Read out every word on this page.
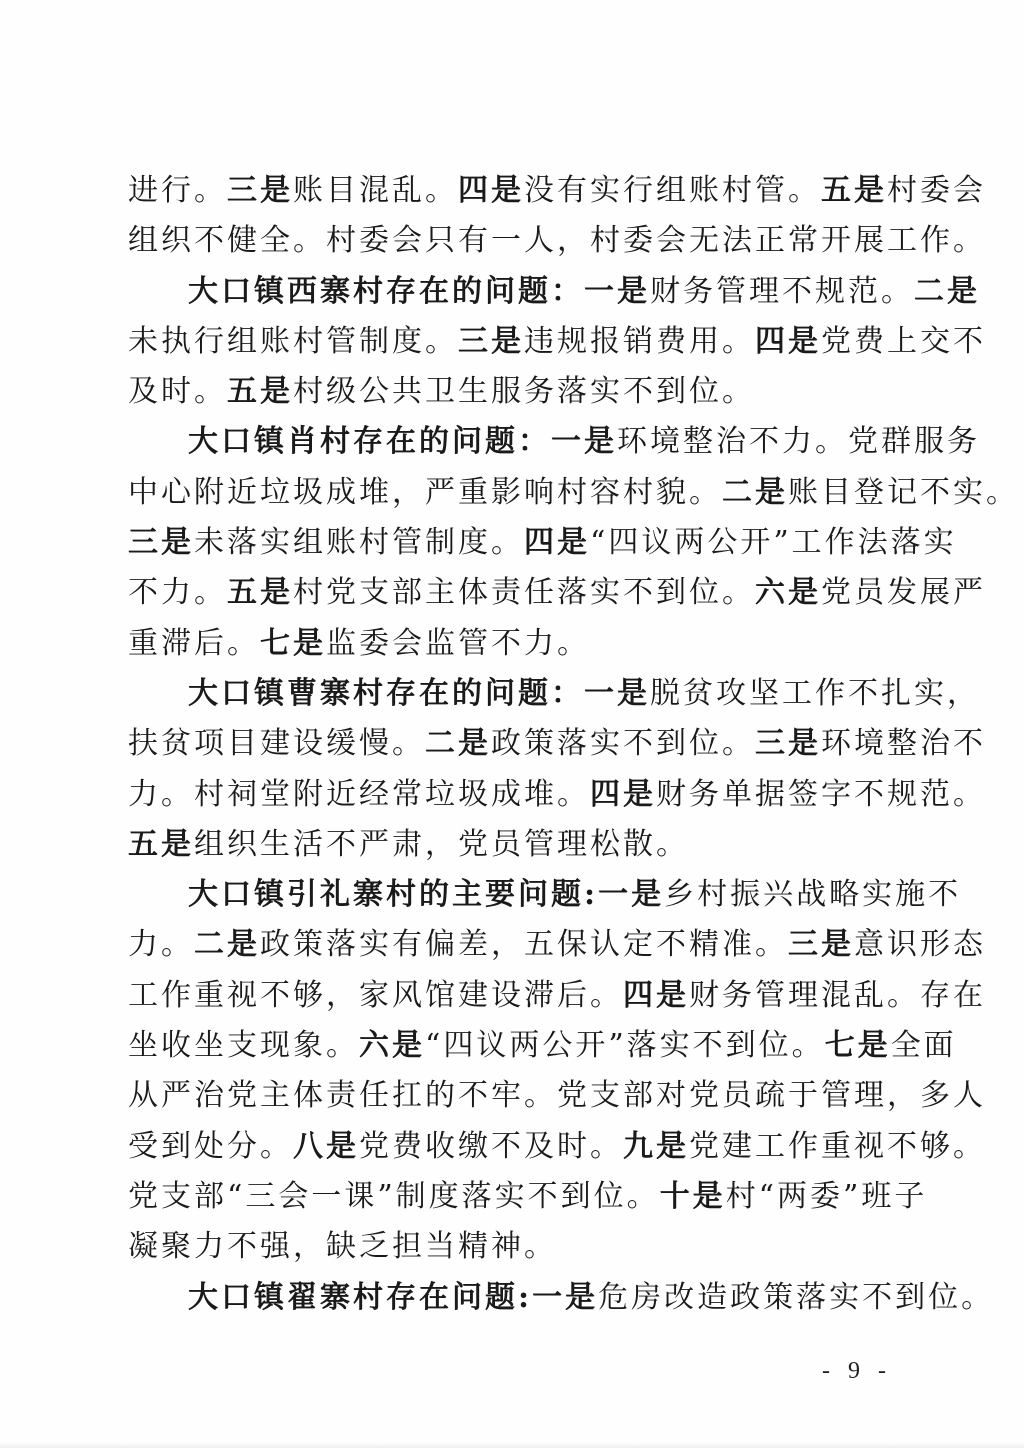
进行。三是账目混乱。四是没有实行组账村管。五是村委会
组织不健全。村委会只有一人，村委会无法正常开展工作。
大口镇西寨村存在的问题：一是财务管理不规范。二是
未执行组账村管制度。三是违规报销费用。四是党费上交不
及时。五是村级公共卫生服务落实不到位。
大口镇肖村存在的问题：一是环境整治不力。党群服务
中心附近垃圾成堆，严重影响村容村貌。二是账目登记不实。
三是未落实组账村管制度。四是“四议两公开”工作法落实
不力。五是村党支部主体责任落实不到位。六是党员发展严
重滞后。七是监委会监管不力。
大口镇曹寨村存在的问题：一是脱贫攻坚工作不扎实，
扶贫项目建设缓慢。二是政策落实不到位。三是环境整治不
力。村祠堂附近经常垃圾成堆。四是财务单据签字不规范。
五是组织生活不严肃，党员管理松散。
大口镇引礼寨村的主要问题:一是乡村振兴战略实施不
力。二是政策落实有偏差，五保认定不精准。三是意识形态
工作重视不够，家风馆建设滞后。四是财务管理混乱。存在
坐收坐支现象。六是“四议两公开”落实不到位。七是全面
从严治党主体责任扛的不牢。党支部对党员疏于管理，多人
受到处分。八是党费收缴不及时。九是党建工作重视不够。
党支部“三会一课”制度落实不到位。十是村“两委”班子
凝聚力不强，缺乏担当精神。
大口镇翟寨村存在问题:一是危房改造政策落实不到位。
- 9 -
